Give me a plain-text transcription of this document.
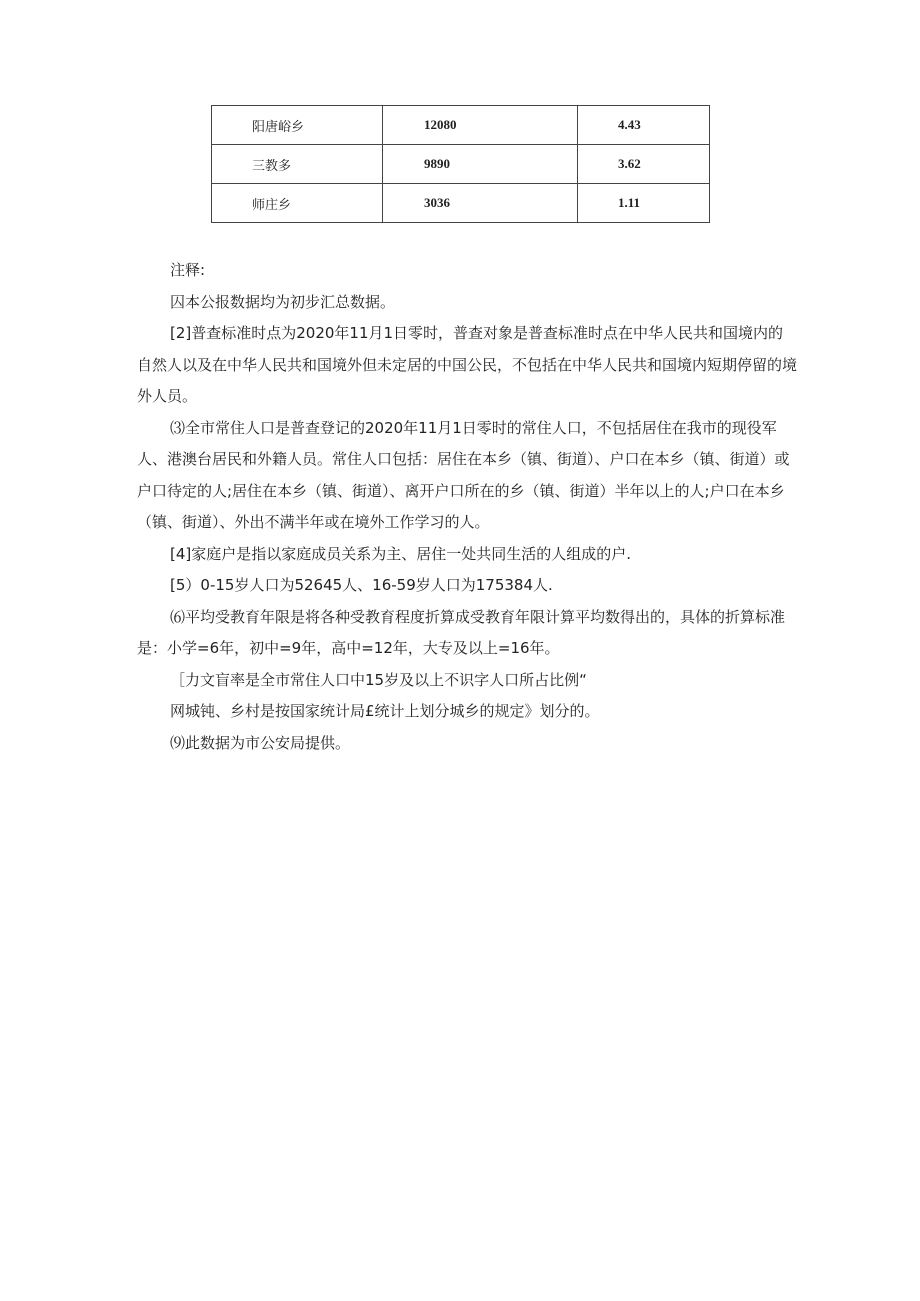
阳唐峪乡	12080	4.43
三教多	9890	3.62
师庄乡	3036	1.11

注释:

囚本公报数据均为初步汇总数据。

[2]普查标准时点为2020年11月1日零时，普查对象是普查标准时点在中华人民共和国境内的自然人以及在中华人民共和国境外但未定居的中国公民，不包括在中华人民共和国境内短期停留的境外人员。

⑶全市常住人口是普查登记的2020年11月1日零时的常住人口，不包括居住在我市的现役军人、港澳台居民和外籍人员。常住人口包括：居住在本乡（镇、街道）、户口在本乡（镇、街道）或户口待定的人;居住在本乡（镇、街道）、离开户口所在的乡（镇、街道）半年以上的人;户口在本乡（镇、街道）、外出不满半年或在境外工作学习的人。

[4]家庭户是指以家庭成员关系为主、居住一处共同生活的人组成的户.

[5）0-15岁人口为52645人、16-59岁人口为175384人.

⑹平均受教育年限是将各种受教育程度折算成受教育年限计算平均数得出的，具体的折算标准是：小学=6年，初中=9年，高中=12年，大专及以上=16年。

［力文盲率是全市常住人口中15岁及以上不识字人口所占比例“

网城钝、乡村是按国家统计局£统计上划分城乡的规定》划分的。

⑼此数据为市公安局提供。
